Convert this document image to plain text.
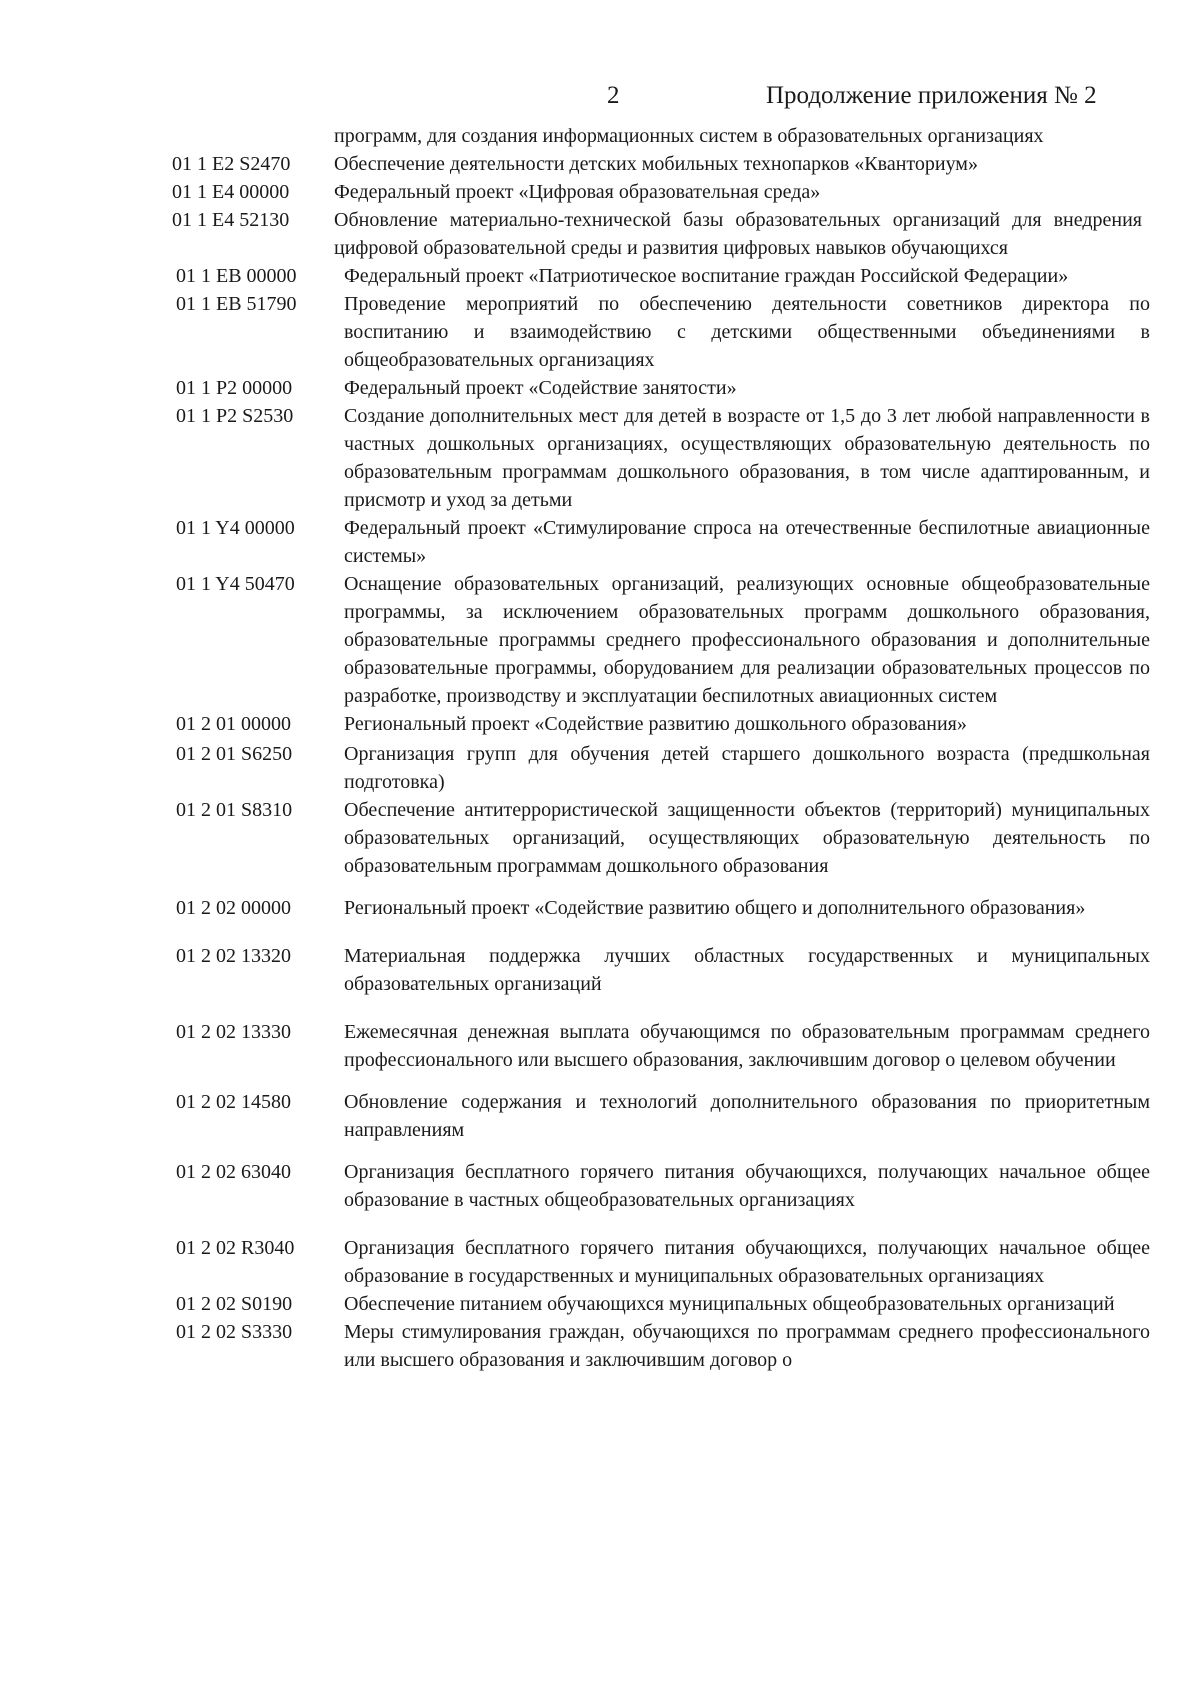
2	Продолжение приложения № 2
программ, для создания информационных систем в образовательных организациях
01 1 E2 S2470	Обеспечение деятельности детских мобильных технопарков «Кванториум»
01 1 E4 00000	Федеральный проект «Цифровая образовательная среда»
01 1 E4 52130	Обновление материально-технической базы образовательных организаций для внедрения цифровой образовательной среды и развития цифровых навыков обучающихся
01 1 EB 00000	Федеральный проект «Патриотическое воспитание граждан Российской Федерации»
01 1 EB 51790	Проведение мероприятий по обеспечению деятельности советников директора по воспитанию и взаимодействию с детскими общественными объединениями в общеобразовательных организациях
01 1 P2 00000	Федеральный проект «Содействие занятости»
01 1 P2 S2530	Создание дополнительных мест для детей в возрасте от 1,5 до 3 лет любой направленности в частных дошкольных организациях, осуществляющих образовательную деятельность по образовательным программам дошкольного образования, в том числе адаптированным, и присмотр и уход за детьми
01 1 Y4 00000	Федеральный проект «Стимулирование спроса на отечественные беспилотные авиационные системы»
01 1 Y4 50470	Оснащение образовательных организаций, реализующих основные общеобразовательные программы, за исключением образовательных программ дошкольного образования, образовательные программы среднего профессионального образования и дополнительные образовательные программы, оборудованием для реализации образовательных процессов по разработке, производству и эксплуатации беспилотных авиационных систем
01 2 01 00000	Региональный проект «Содействие развитию дошкольного образования»
01 2 01 S6250	Организация групп для обучения детей старшего дошкольного возраста (предшкольная подготовка)
01 2 01 S8310	Обеспечение антитеррористической защищенности объектов (территорий) муниципальных образовательных организаций, осуществляющих образовательную деятельность по образовательным программам дошкольного образования
01 2 02 00000	Региональный проект «Содействие развитию общего и дополнительного образования»
01 2 02 13320	Материальная поддержка лучших областных государственных и муниципальных образовательных организаций
01 2 02 13330	Ежемесячная денежная выплата обучающимся по образовательным программам среднего профессионального или высшего образования, заключившим договор о целевом обучении
01 2 02 14580	Обновление содержания и технологий дополнительного образования по приоритетным направлениям
01 2 02 63040	Организация бесплатного горячего питания обучающихся, получающих начальное общее образование в частных общеобразовательных организациях
01 2 02 R3040	Организация бесплатного горячего питания обучающихся, получающих начальное общее образование в государственных и муниципальных образовательных организациях
01 2 02 S0190	Обеспечение питанием обучающихся муниципальных общеобразовательных организаций
01 2 02 S3330	Меры стимулирования граждан, обучающихся по программам среднего профессионального или высшего образования и заключившим договор о
